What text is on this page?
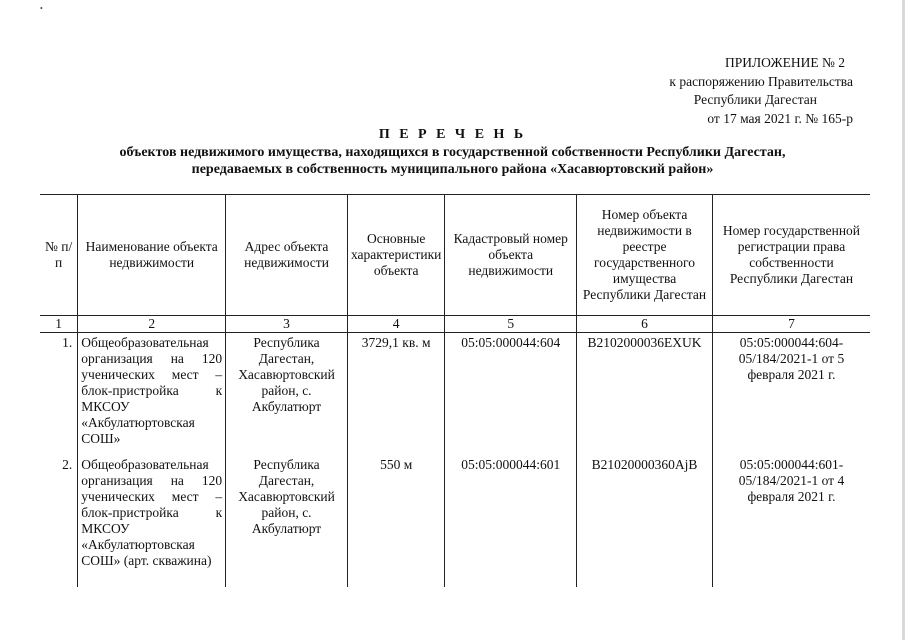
•
ПРИЛОЖЕНИЕ № 2
к распоряжению Правительства
Республики Дагестан
от 17 мая 2021 г. № 165-р
П Е Р Е Ч Е Н Ь
объектов недвижимого имущества, находящихся в государственной собственности Республики Дагестан,
передаваемых в собственность муниципального района «Хасавюртовский район»
№ п/п	Наименование объекта недвижимости	Адрес объекта недвижимости	Основные характеристики объекта	Кадастровый номер объекта недвижимости	Номер объекта недвижимости в реестре государственного имущества Республики Дагестан	Номер государственной регистрации права собственности Республики Дагестан
1	2	3	4	5	6	7
1.	Общеобразовательная организация на 120 ученических мест – блок-пристройка к МКСОУ «Акбулатюртовская СОШ»	Республика Дагестан, Хасавюртовский район, с. Акбулатюрт	3729,1 кв. м	05:05:000044:604	В2102000036EXUK	05:05:000044:604-05/184/2021-1 от 5 февраля 2021 г.
2.	Общеобразовательная организация на 120 ученических мест – блок-пристройка к МКСОУ «Акбулатюртовская СОШ» (арт. скважина)	Республика Дагестан, Хасавюртовский район, с. Акбулатюрт	550 м	05:05:000044:601	В21020000360AjB	05:05:000044:601-05/184/2021-1 от 4 февраля 2021 г.
